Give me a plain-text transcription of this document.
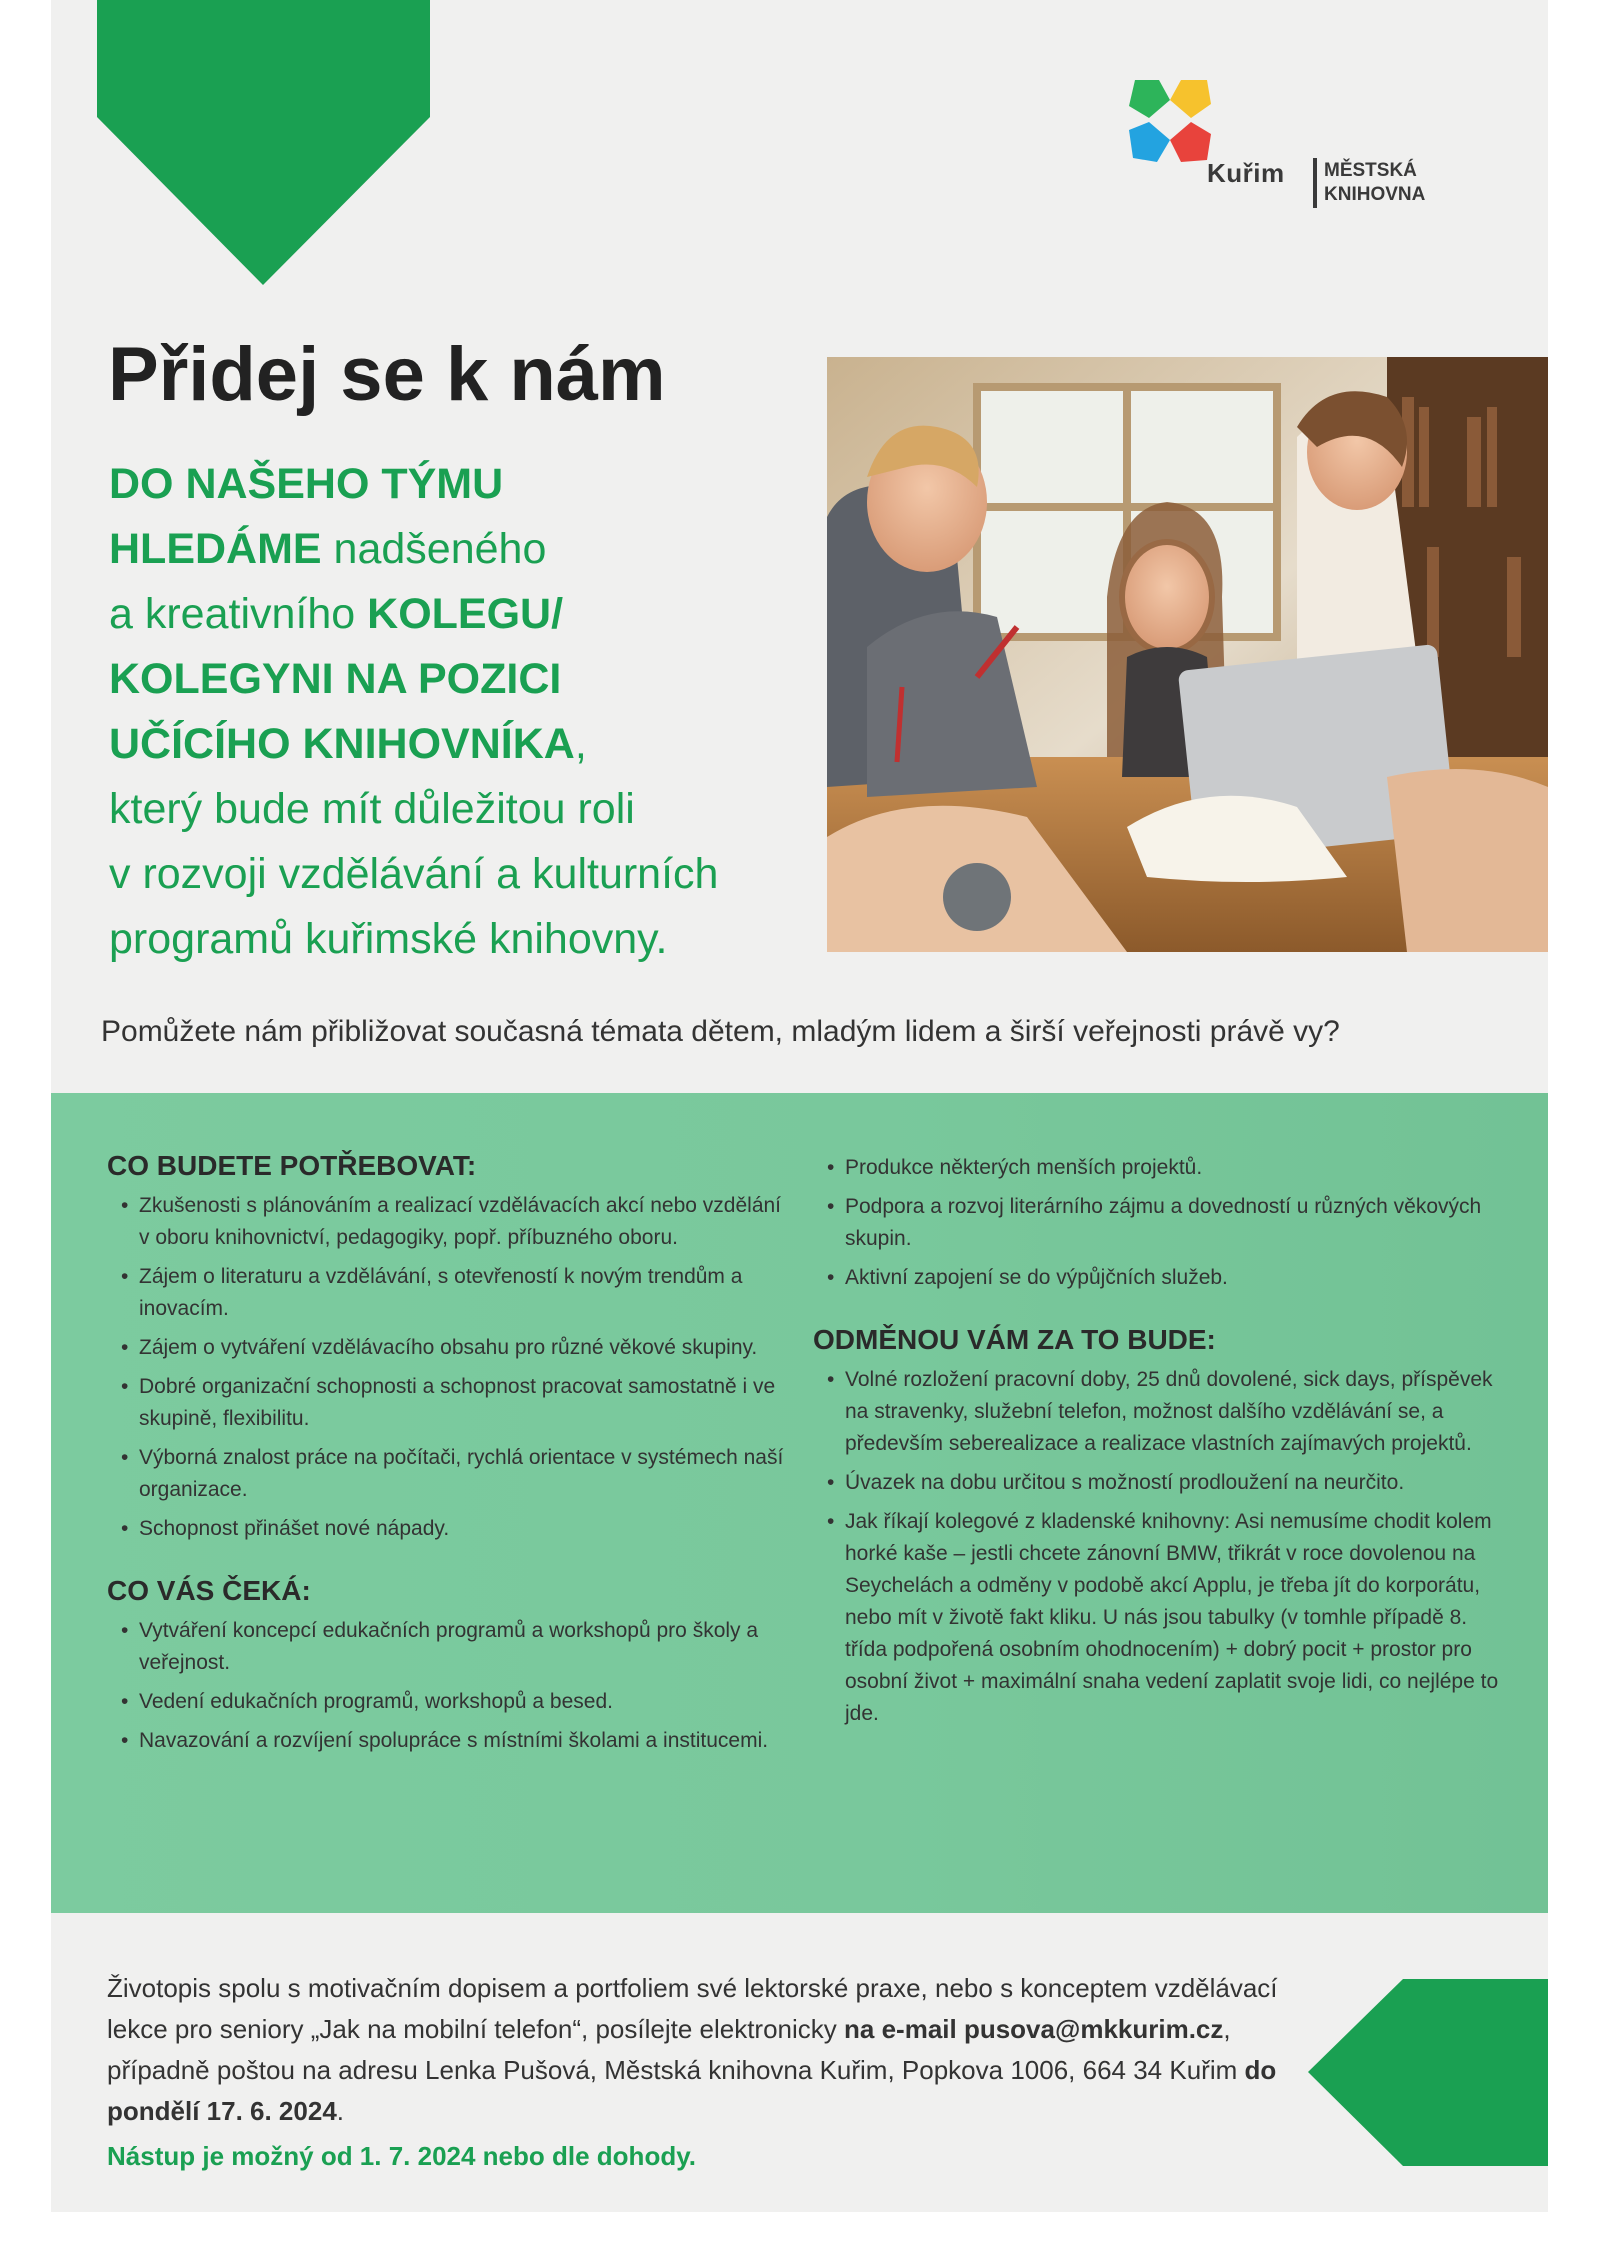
Kuřim MĚSTSKÁ
KNIHOVNA
Přidej se k nám
DO NAŠEHO TÝMU
HLEDÁME nadšeného
a kreativního KOLEGU/
KOLEGYNI NA POZICI
UČÍCÍHO KNIHOVNÍKA,
který bude mít důležitou roli
v rozvoji vzdělávání a kulturních
programů kuřimské knihovny.

Pomůžete nám přibližovat současná témata dětem, mladým lidem a širší veřejnosti právě vy?

CO BUDETE POTŘEBOVAT:
• Zkušenosti s plánováním a realizací vzdělávacích akcí nebo vzdělání v oboru knihovnictví, pedagogiky, popř. příbuzného oboru.
• Zájem o literaturu a vzdělávání, s otevřeností k novým trendům a inovacím.
• Zájem o vytváření vzdělávacího obsahu pro různé věkové skupiny.
• Dobré organizační schopnosti a schopnost pracovat samostatně i ve skupině, flexibilitu.
• Výborná znalost práce na počítači, rychlá orientace v systémech naší organizace.
• Schopnost přinášet nové nápady.
CO VÁS ČEKÁ:
• Vytváření koncepcí edukačních programů a workshopů pro školy a veřejnost.
• Vedení edukačních programů, workshopů a besed.
• Navazování a rozvíjení spolupráce s místními školami a institucemi.
• Produkce některých menších projektů.
• Podpora a rozvoj literárního zájmu a dovedností u různých věkových skupin.
• Aktivní zapojení se do výpůjčních služeb.
ODMĚNOU VÁM ZA TO BUDE:
• Volné rozložení pracovní doby, 25 dnů dovolené, sick days, příspěvek na stravenky, služební telefon, možnost dalšího vzdělávání se, a především seberealizace a realizace vlastních zajímavých projektů.
• Úvazek na dobu určitou s možností prodloužení na neurčito.
• Jak říkají kolegové z kladenské knihovny: Asi nemusíme chodit kolem horké kaše – jestli chcete zánovní BMW, třikrát v roce dovolenou na Seychelách a odměny v podobě akcí Applu, je třeba jít do korporátu, nebo mít v životě fakt kliku. U nás jsou tabulky (v tomhle případě 8. třída podpořená osobním ohodnocením) + dobrý pocit + prostor pro osobní život + maximální snaha vedení zaplatit svoje lidi, co nejlépe to jde.

Životopis spolu s motivačním dopisem a portfoliem své lektorské praxe, nebo s konceptem vzdělávací lekce pro seniory „Jak na mobilní telefon“, posílejte elektronicky na e-mail pusova@mkkurim.cz, případně poštou na adresu Lenka Pušová, Městská knihovna Kuřim, Popkova 1006, 664 34 Kuřim do pondělí 17. 6. 2024.

Nástup je možný od 1. 7. 2024 nebo dle dohody.
